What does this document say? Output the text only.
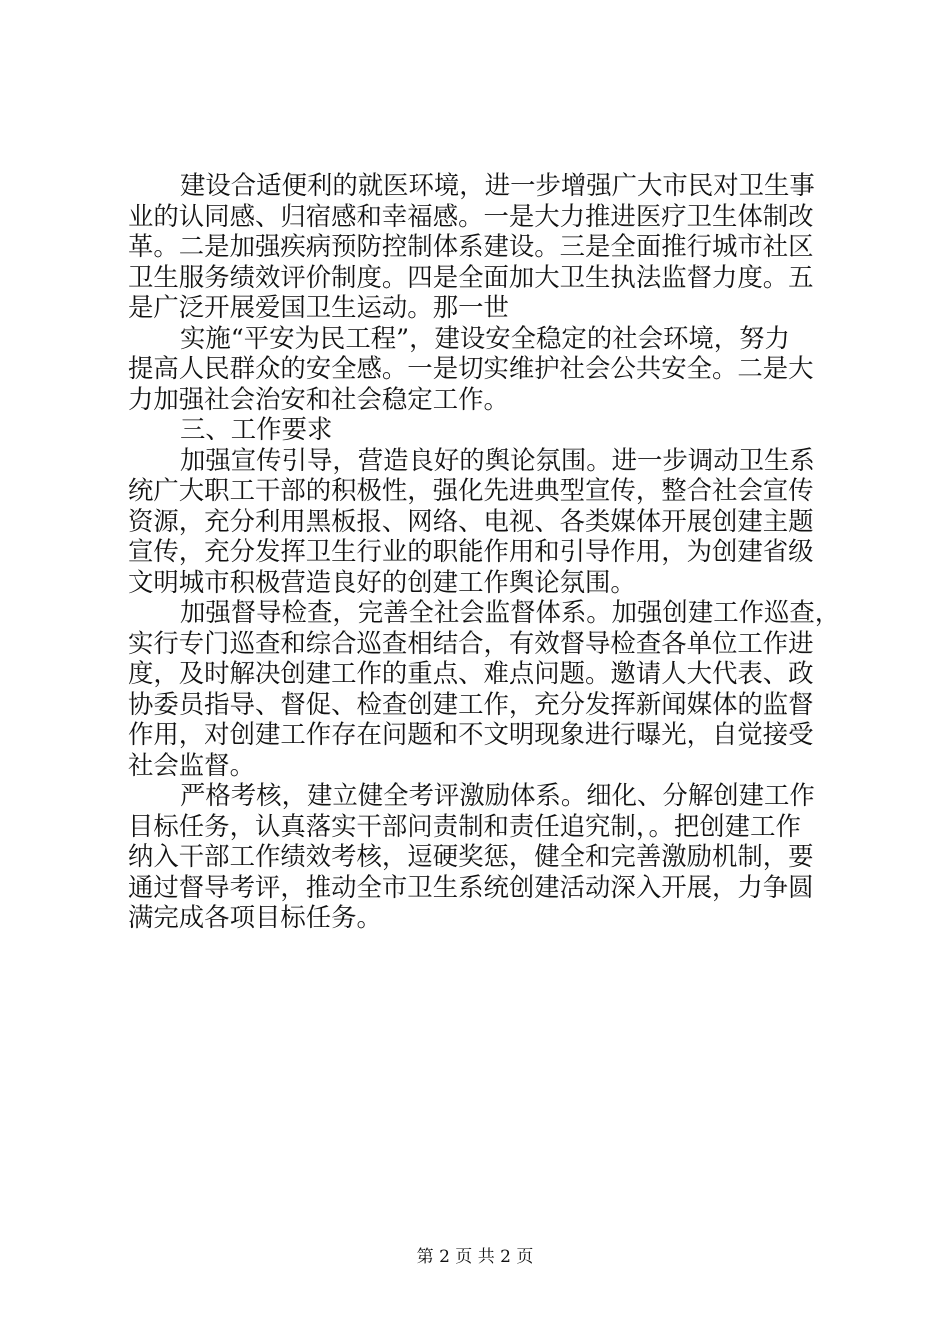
建设合适便利的就医环境，进一步增强广大市民对卫生事
业的认同感、归宿感和幸福感。一是大力推进医疗卫生体制改
革。二是加强疾病预防控制体系建设。三是全面推行城市社区
卫生服务绩效评价制度。四是全面加大卫生执法监督力度。五
是广泛开展爱国卫生运动。那一世
实施“平安为民工程”，建设安全稳定的社会环境，努力
提高人民群众的安全感。一是切实维护社会公共安全。二是大
力加强社会治安和社会稳定工作。
三、工作要求
加强宣传引导，营造良好的舆论氛围。进一步调动卫生系
统广大职工干部的积极性，强化先进典型宣传，整合社会宣传
资源，充分利用黑板报、网络、电视、各类媒体开展创建主题
宣传，充分发挥卫生行业的职能作用和引导作用，为创建省级
文明城市积极营造良好的创建工作舆论氛围。
加强督导检查，完善全社会监督体系。加强创建工作巡查，
实行专门巡查和综合巡查相结合，有效督导检查各单位工作进
度，及时解决创建工作的重点、难点问题。邀请人大代表、政
协委员指导、督促、检查创建工作，充分发挥新闻媒体的监督
作用，对创建工作存在问题和不文明现象进行曝光，自觉接受
社会监督。
严格考核，建立健全考评激励体系。细化、分解创建工作
目标任务，认真落实干部问责制和责任追究制，。把创建工作
纳入干部工作绩效考核，逗硬奖惩，健全和完善激励机制，要
通过督导考评，推动全市卫生系统创建活动深入开展，力争圆
满完成各项目标任务。
第 2 页 共 2 页
